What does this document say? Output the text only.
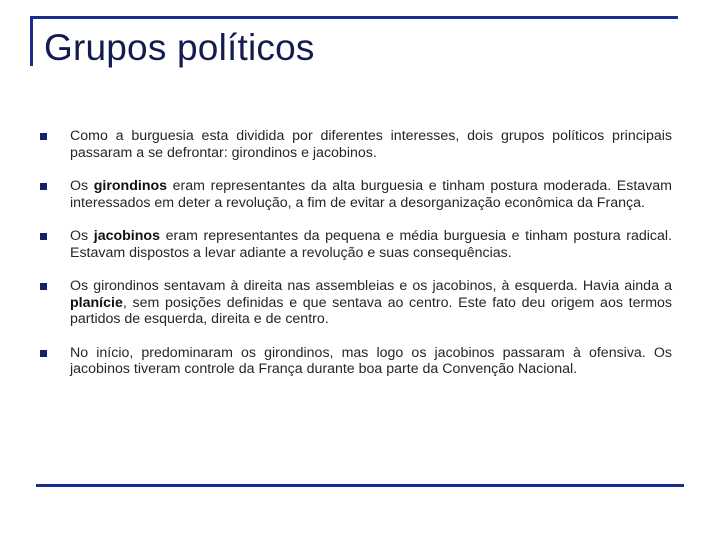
Grupos políticos
Como a burguesia esta dividida por diferentes interesses, dois grupos políticos principais passaram a se defrontar: girondinos e jacobinos.
Os girondinos eram representantes da alta burguesia e tinham postura moderada. Estavam interessados em deter a revolução, a fim de evitar a desorganização econômica da França.
Os jacobinos eram representantes da pequena e média burguesia e tinham postura radical. Estavam dispostos a levar adiante a revolução e suas consequências.
Os girondinos sentavam à direita nas assembleias e os jacobinos, à esquerda. Havia ainda a planície, sem posições definidas e que sentava ao centro. Este fato deu origem aos termos partidos de esquerda, direita e de centro.
No início, predominaram os girondinos, mas logo os jacobinos passaram à ofensiva. Os jacobinos tiveram controle da França durante boa parte da Convenção Nacional.
